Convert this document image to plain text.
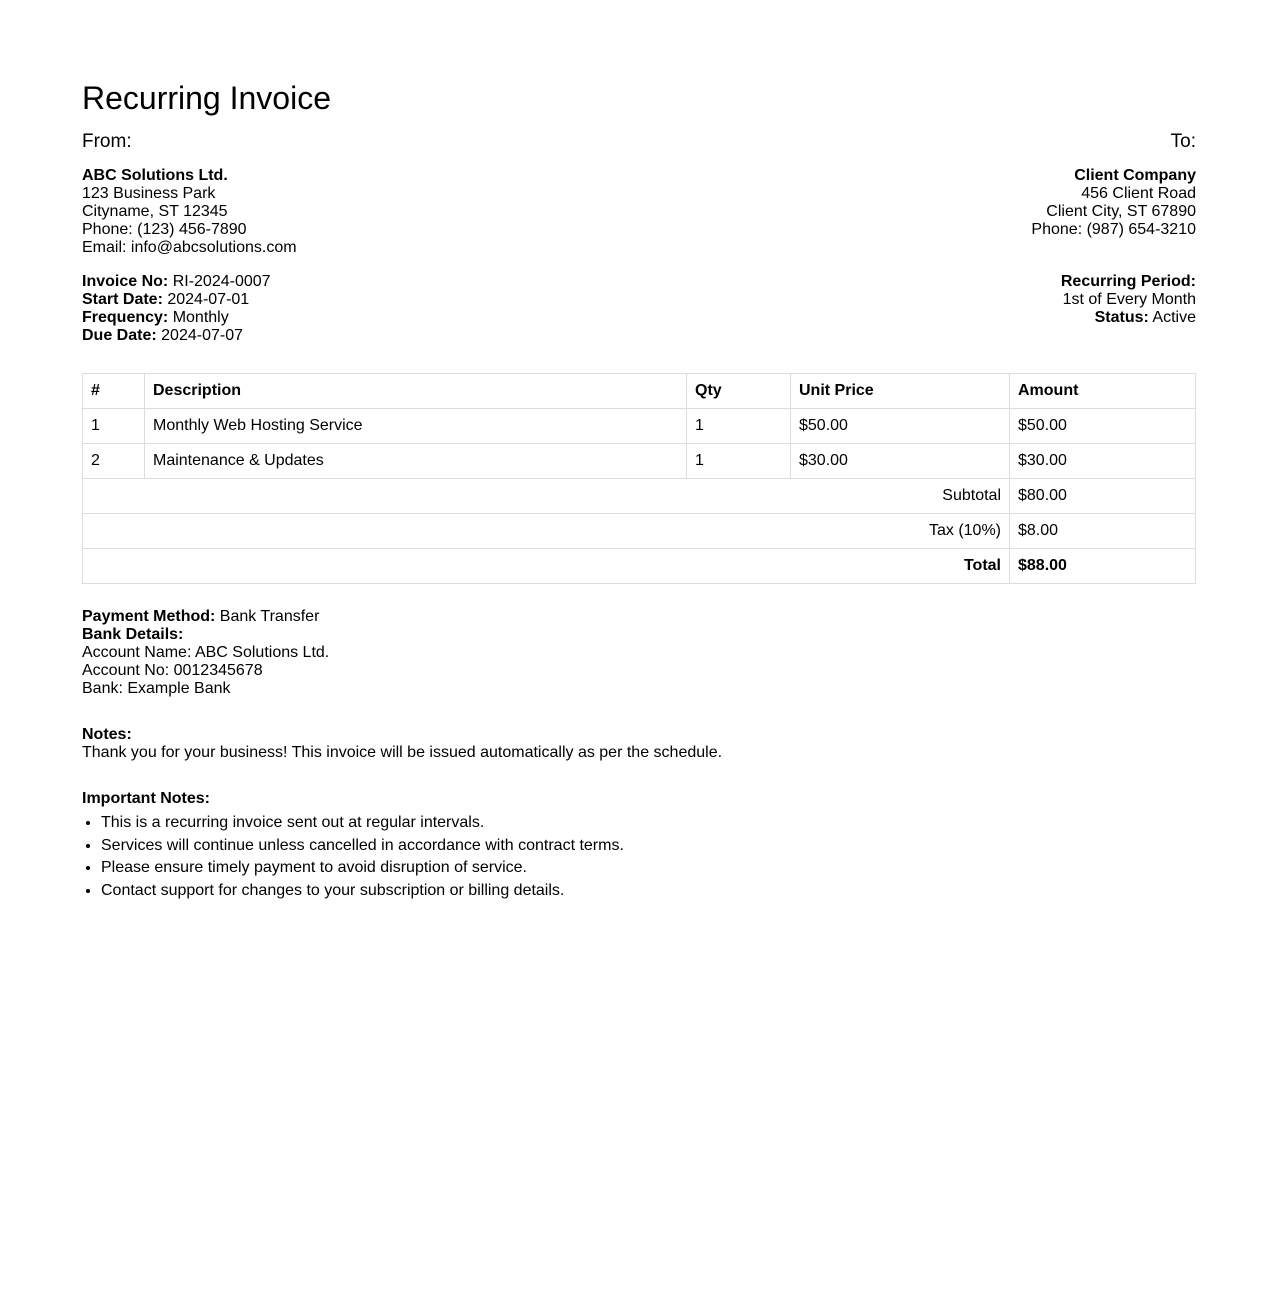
Recurring Invoice
From:	To:
ABC Solutions Ltd.
123 Business Park
Cityname, ST 12345
Phone: (123) 456-7890
Email: info@abcsolutions.com
Client Company
456 Client Road
Client City, ST 67890
Phone: (987) 654-3210
Invoice No: RI-2024-0007
Start Date: 2024-07-01
Frequency: Monthly
Due Date: 2024-07-07
Recurring Period:
1st of Every Month
Status: Active
#	Description	Qty	Unit Price	Amount
1	Monthly Web Hosting Service	1	$50.00	$50.00
2	Maintenance & Updates	1	$30.00	$30.00
Subtotal				$80.00
Tax (10%)				$8.00
Total				$88.00
Payment Method: Bank Transfer
Bank Details:
Account Name: ABC Solutions Ltd.
Account No: 0012345678
Bank: Example Bank
Notes:
Thank you for your business! This invoice will be issued automatically as per the schedule.
Important Notes:
• This is a recurring invoice sent out at regular intervals.
• Services will continue unless cancelled in accordance with contract terms.
• Please ensure timely payment to avoid disruption of service.
• Contact support for changes to your subscription or billing details.
